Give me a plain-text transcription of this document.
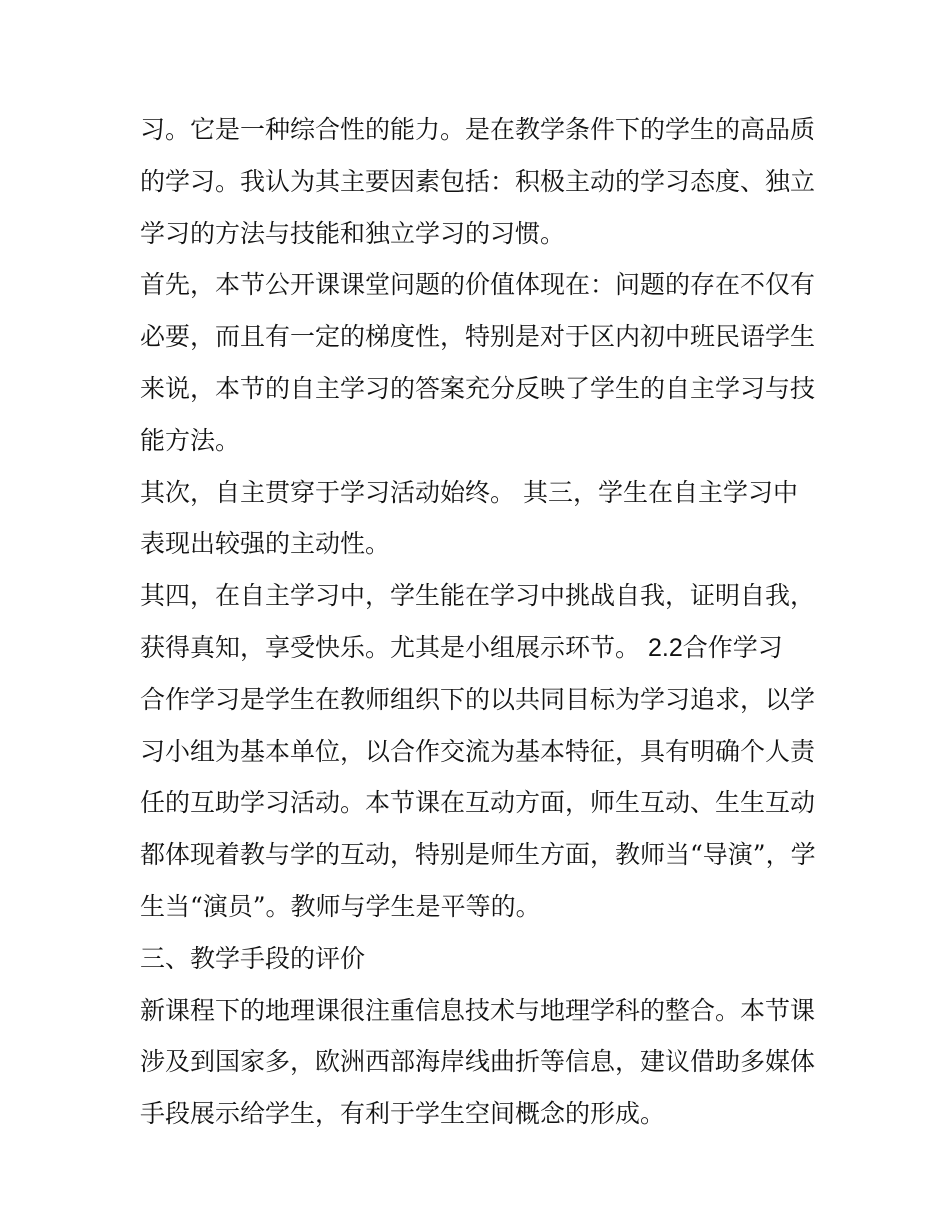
习。它是一种综合性的能力。是在教学条件下的学生的高品质
的学习。我认为其主要因素包括：积极主动的学习态度、独立
学习的方法与技能和独立学习的习惯。
首先，本节公开课课堂问题的价值体现在：问题的存在不仅有
必要，而且有一定的梯度性，特别是对于区内初中班民语学生
来说，本节的自主学习的答案充分反映了学生的自主学习与技
能方法。
其次，自主贯穿于学习活动始终。 其三，学生在自主学习中
表现出较强的主动性。
其四，在自主学习中，学生能在学习中挑战自我，证明自我，
获得真知，享受快乐。尤其是小组展示环节。 2.2合作学习
合作学习是学生在教师组织下的以共同目标为学习追求，以学
习小组为基本单位，以合作交流为基本特征，具有明确个人责
任的互助学习活动。本节课在互动方面，师生互动、生生互动
都体现着教与学的互动，特别是师生方面，教师当“导演”，学
生当“演员”。教师与学生是平等的。
三、教学手段的评价
新课程下的地理课很注重信息技术与地理学科的整合。本节课
涉及到国家多，欧洲西部海岸线曲折等信息，建议借助多媒体
手段展示给学生，有利于学生空间概念的形成。
